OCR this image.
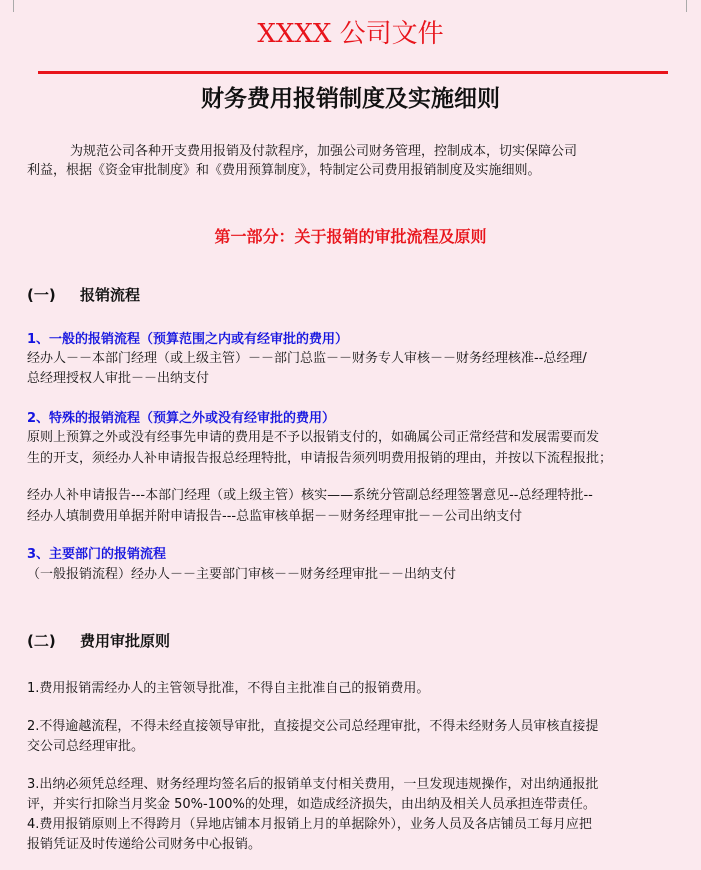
XXXX 公司文件
财务费用报销制度及实施细则
为规范公司各种开支费用报销及付款程序，加强公司财务管理，控制成本，切实保障公司
利益，根据《资金审批制度》和《费用预算制度》，特制定公司费用报销制度及实施细则。
第一部分：关于报销的审批流程及原则
(一) 报销流程
1、一般的报销流程（预算范围之内或有经审批的费用）
经办人－－本部门经理（或上级主管）－－部门总监－－财务专人审核－－财务经理核准--总经理/
总经理授权人审批－－出纳支付
2、特殊的报销流程（预算之外或没有经审批的费用）
原则上预算之外或没有经事先申请的费用是不予以报销支付的，如确属公司正常经营和发展需要而发
生的开支，须经办人补申请报告报总经理特批，申请报告须列明费用报销的理由，并按以下流程报批；
经办人补申请报告---本部门经理（或上级主管）核实——系统分管副总经理签署意见--总经理特批--
经办人填制费用单据并附申请报告---总监审核单据－－财务经理审批－－公司出纳支付
3、主要部门的报销流程
（一般报销流程）经办人－－主要部门审核－－财务经理审批－－出纳支付
(二) 费用审批原则
1.费用报销需经办人的主管领导批准，不得自主批准自己的报销费用。
2.不得逾越流程，不得未经直接领导审批，直接提交公司总经理审批，不得未经财务人员审核直接提
交公司总经理审批。
3.出纳必须凭总经理、财务经理均签名后的报销单支付相关费用，一旦发现违规操作，对出纳通报批
评，并实行扣除当月奖金 50%-100%的处理，如造成经济损失，由出纳及相关人员承担连带责任。
4.费用报销原则上不得跨月（异地店铺本月报销上月的单据除外），业务人员及各店铺员工每月应把
报销凭证及时传递给公司财务中心报销。
